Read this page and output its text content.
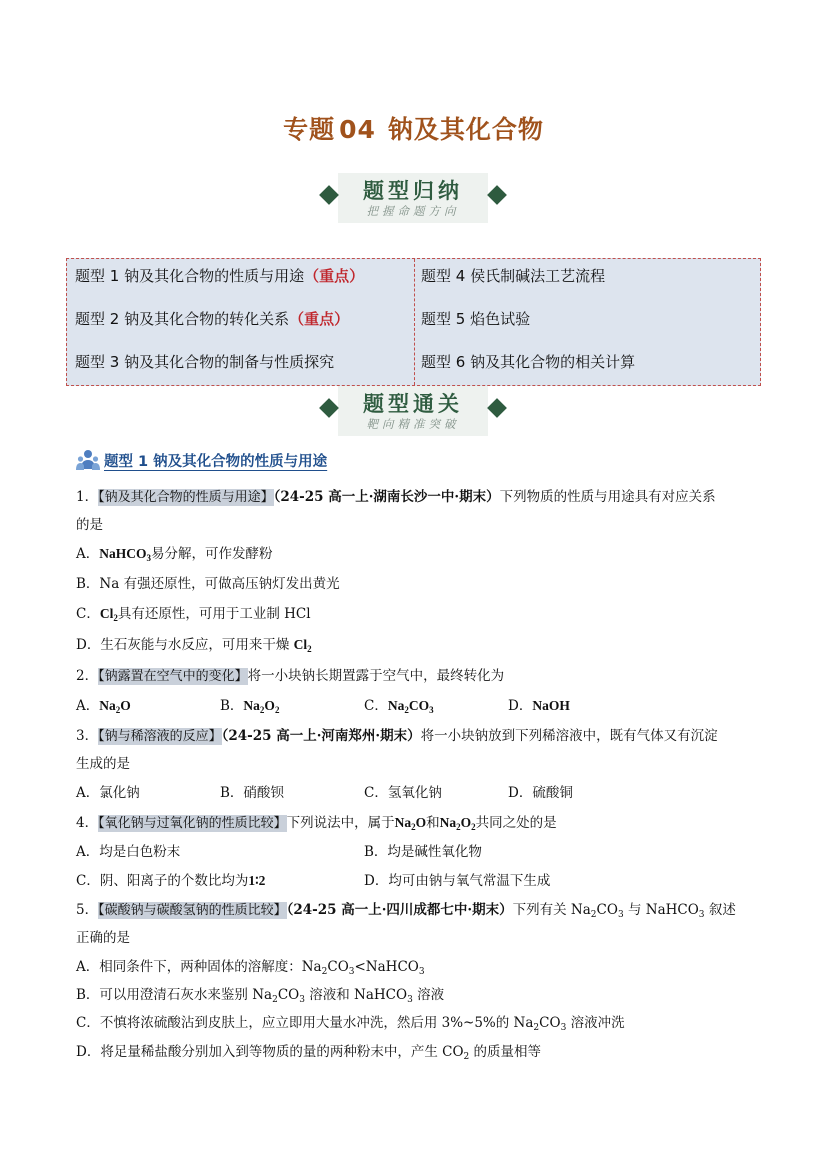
专题 04 钠及其化合物
题型归纳
把握命题方向
题型 1 钠及其化合物的性质与用途（重点）
题型 2 钠及其化合物的转化关系（重点）
题型 3 钠及其化合物的制备与性质探究
题型 4 侯氏制碱法工艺流程
题型 5 焰色试验
题型 6 钠及其化合物的相关计算
题型通关
靶向精准突破
题型 1 钠及其化合物的性质与用途
1．【钠及其化合物的性质与用途】（24-25 高一上·湖南长沙一中·期末）下列物质的性质与用途具有对应关系
的是
A．NaHCO$_3$易分解，可作发酵粉
B．Na 有强还原性，可做高压钠灯发出黄光
C．$Cl_2$具有还原性，可用于工业制 HCl
D．生石灰能与水反应，可用来干燥 $Cl_2$
2．【钠露置在空气中的变化】将一小块钠长期置露于空气中，最终转化为
A．$Na_2O$	B．$Na_2O_2$	C．$Na_2CO_3$	D．NaOH
3．【钠与稀溶液的反应】（24-25 高一上·河南郑州·期末）将一小块钠放到下列稀溶液中，既有气体又有沉淀
生成的是
A．氯化钠	B．硝酸钡	C．氢氧化钠	D．硫酸铜
4．【氧化钠与过氧化钠的性质比较】下列说法中，属于$Na_2O$和$Na_2O_2$共同之处的是
A．均是白色粉末	B．均是碱性氧化物
C．阴、阳离子的个数比均为1∶2	D．均可由钠与氧气常温下生成
5．【碳酸钠与碳酸氢钠的性质比较】（24-25 高一上·四川成都七中·期末）下列有关 $Na_2CO_3$ 与 NaHCO$_3$ 叙述
正确的是
A．相同条件下，两种固体的溶解度：$Na_2CO_3<NaHCO_3$
B．可以用澄清石灰水来鉴别 $Na_2CO_3$ 溶液和 NaHCO$_3$ 溶液
C．不慎将浓硫酸沾到皮肤上，应立即用大量水冲洗，然后用 3%~5%的 $Na_2CO_3$ 溶液冲洗
D．将足量稀盐酸分别加入到等物质的量的两种粉末中，产生 $CO_2$ 的质量相等
